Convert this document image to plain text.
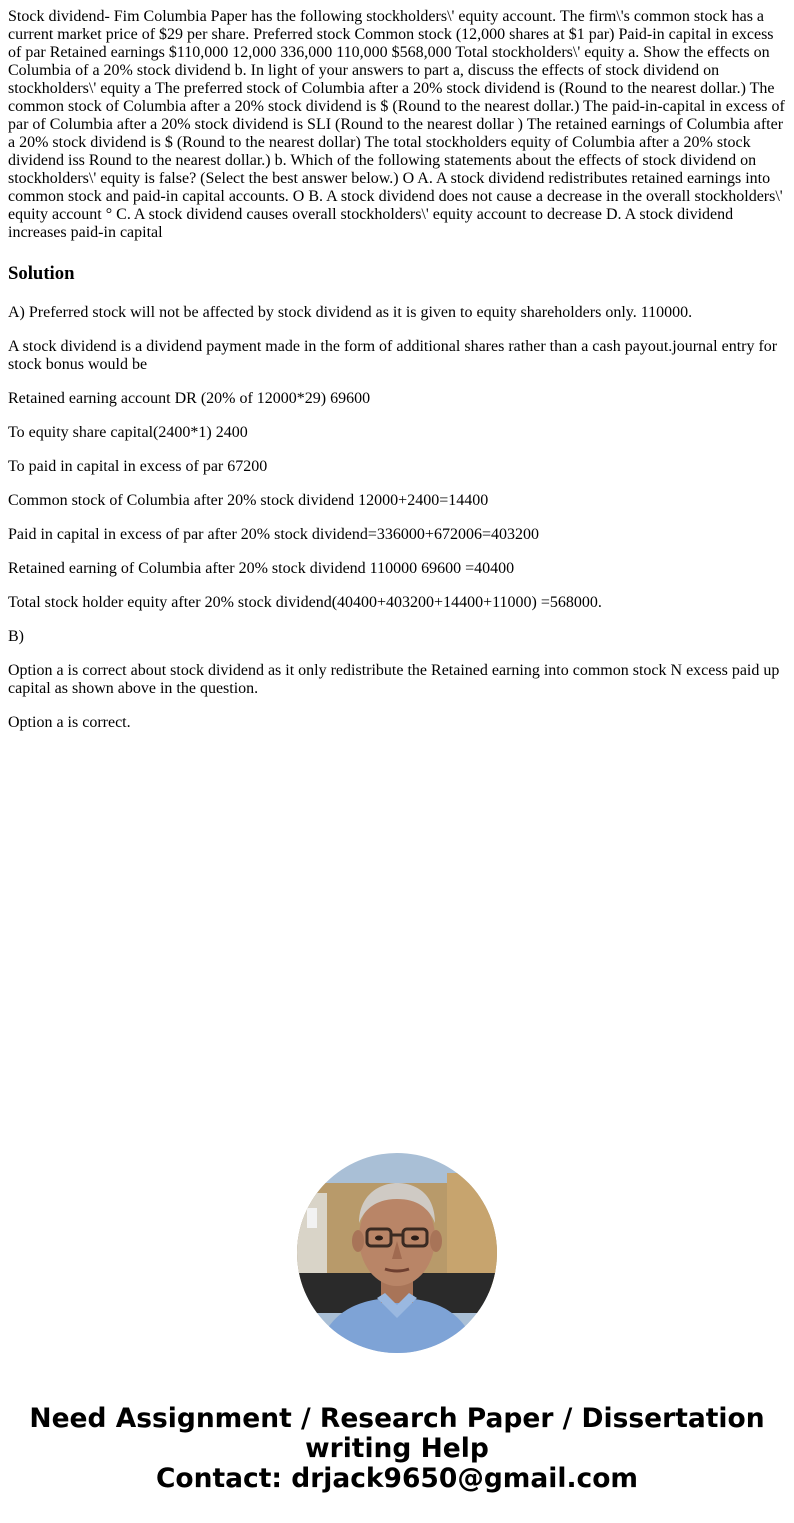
Stock dividend- Fim Columbia Paper has the following stockholders\' equity account. The firm\'s common stock has a current market price of $29 per share. Preferred stock Common stock (12,000 shares at $1 par) Paid-in capital in excess of par Retained earnings $110,000 12,000 336,000 110,000 $568,000 Total stockholders\' equity a. Show the effects on Columbia of a 20% stock dividend b. In light of your answers to part a, discuss the effects of stock dividend on stockholders\' equity a The preferred stock of Columbia after a 20% stock dividend is (Round to the nearest dollar.) The common stock of Columbia after a 20% stock dividend is $ (Round to the nearest dollar.) The paid-in-capital in excess of par of Columbia after a 20% stock dividend is SLI (Round to the nearest dollar ) The retained earnings of Columbia after a 20% stock dividend is $ (Round to the nearest dollar) The total stockholders equity of Columbia after a 20% stock dividend iss Round to the nearest dollar.) b. Which of the following statements about the effects of stock dividend on stockholders\' equity is false? (Select the best answer below.) O A. A stock dividend redistributes retained earnings into common stock and paid-in capital accounts. O B. A stock dividend does not cause a decrease in the overall stockholders\' equity account ° C. A stock dividend causes overall stockholders\' equity account to decrease D. A stock dividend increases paid-in capital

Solution

A) Preferred stock will not be affected by stock dividend as it is given to equity shareholders only. 110000.

A stock dividend is a dividend payment made in the form of additional shares rather than a cash payout.journal entry for stock bonus would be

Retained earning account DR (20% of 12000*29) 69600

To equity share capital(2400*1) 2400

To paid in capital in excess of par 67200

Common stock of Columbia after 20% stock dividend 12000+2400=14400

Paid in capital in excess of par after 20% stock dividend=336000+672006=403200

Retained earning of Columbia after 20% stock dividend 110000 69600 =40400

Total stock holder equity after 20% stock dividend(40400+403200+14400+11000) =568000.

B)

Option a is correct about stock dividend as it only redistribute the Retained earning into common stock N excess paid up capital as shown above in the question.

Option a is correct.

Need Assignment / Research Paper / Dissertation
writing Help
Contact: drjack9650@gmail.com
